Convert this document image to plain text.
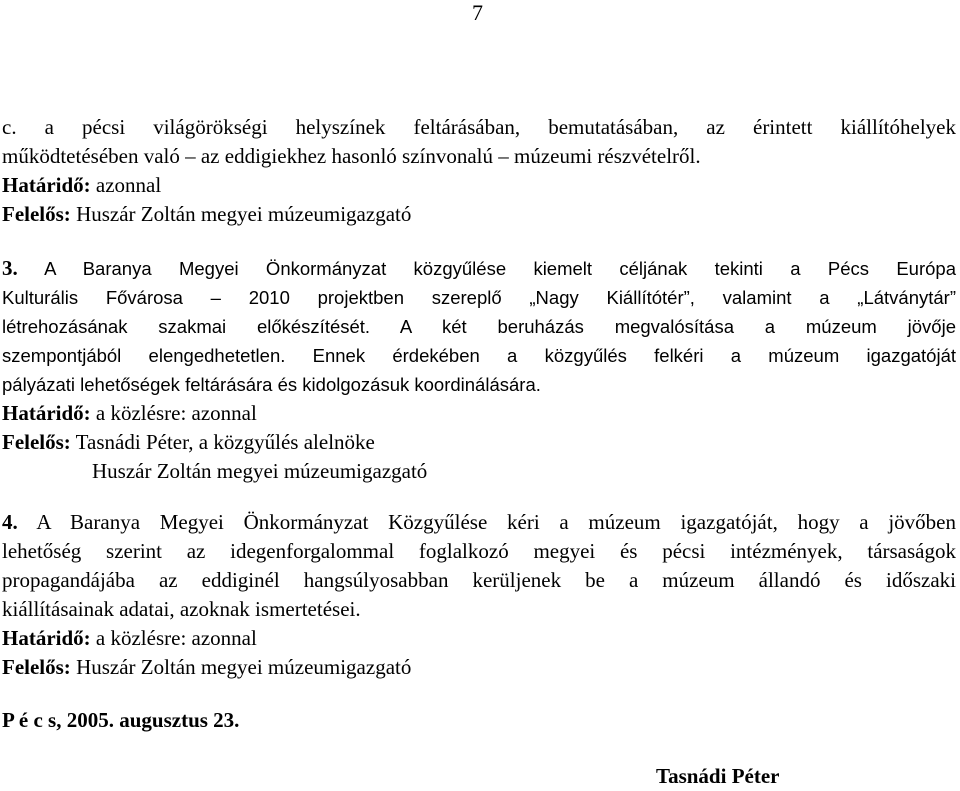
7
c. a pécsi világörökségi helyszínek feltárásában, bemutatásában, az érintett kiállítóhelyek
működtetésében való – az eddigiekhez hasonló színvonalú – múzeumi részvételről.
Határidő: azonnal
Felelős: Huszár Zoltán megyei múzeumigazgató
3. A Baranya Megyei Önkormányzat közgyűlése kiemelt céljának tekinti a Pécs Európa
Kulturális Fővárosa – 2010 projektben szereplő „Nagy Kiállítótér”, valamint a „Látványtár”
létrehozásának szakmai előkészítését. A két beruházás megvalósítása a múzeum jövője
szempontjából elengedhetetlen. Ennek érdekében a közgyűlés felkéri a múzeum igazgatóját
pályázati lehetőségek feltárására és kidolgozásuk koordinálására.
Határidő: a közlésre: azonnal
Felelős: Tasnádi Péter, a közgyűlés alelnöke
Huszár Zoltán megyei múzeumigazgató
4. A Baranya Megyei Önkormányzat Közgyűlése kéri a múzeum igazgatóját, hogy a jövőben
lehetőség szerint az idegenforgalommal foglalkozó megyei és pécsi intézmények, társaságok
propagandájába az eddiginél hangsúlyosabban kerüljenek be a múzeum állandó és időszaki
kiállításainak adatai, azoknak ismertetései.
Határidő: a közlésre: azonnal
Felelős: Huszár Zoltán megyei múzeumigazgató
P é c s, 2005. augusztus 23.
Tasnádi Péter
